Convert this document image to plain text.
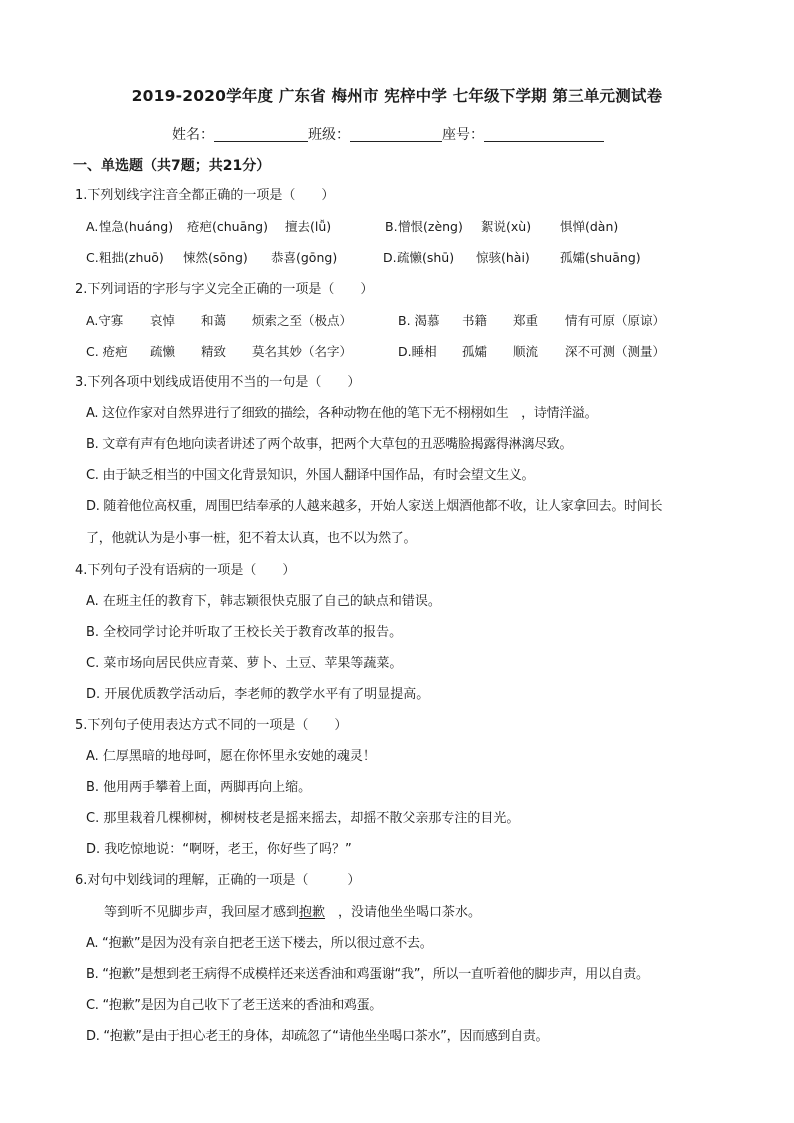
2019-2020学年度 广东省 梅州市 宪梓中学 七年级下学期 第三单元测试卷
姓名：	班级：	座号：
一、单选题（共7题；共21分）
1.下列划线字注音全都正确的一项是（　　）
A. 惶急(huáng) 疮疤(chuāng) 擅去(lǚ)	B. 憎恨(zèng) 絮说(xù) 惧惮(dàn)
C. 粗拙(zhuō) 悚然(sōng) 恭喜(gōng)	D. 疏懒(shū) 惊骇(hài) 孤孀(shuāng)
2.下列词语的字形与字义完全正确的一项是（　　）
A.守寡 哀悼 和蔼 烦索之至（极点）	B. 渴慕 书籍 郑重 情有可原（原谅）
C. 疮疤 疏懒 精致 莫名其妙（名字）	D.睡相 孤孀 顺流 深不可测（测量）
3.下列各项中划线成语使用不当的一句是（　　）
A. 这位作家对自然界进行了细致的描绘，各种动物在他的笔下无不栩栩如生　，诗情洋溢。
B. 文章有声有色地向读者讲述了两个故事，把两个大草包的丑恶嘴脸揭露得淋漓尽致。
C. 由于缺乏相当的中国文化背景知识，外国人翻译中国作品，有时会望文生义。
D. 随着他位高权重，周围巴结奉承的人越来越多，开始人家送上烟酒他都不收，让人家拿回去。时间长
了，他就认为是小事一桩，犯不着太认真，也不以为然了。
4.下列句子没有语病的一项是（　　）
A. 在班主任的教育下，韩志颖很快克服了自己的缺点和错误。
B. 全校同学讨论并听取了王校长关于教育改革的报告。
C. 菜市场向居民供应青菜、萝卜、土豆、苹果等蔬菜。
D. 开展优质教学活动后，李老师的教学水平有了明显提高。
5.下列句子使用表达方式不同的一项是（　　）
A. 仁厚黑暗的地母呵，愿在你怀里永安她的魂灵！
B. 他用两手攀着上面，两脚再向上缩。
C. 那里栽着几棵柳树，柳树枝老是摇来摇去，却摇不散父亲那专注的目光。
D. 我吃惊地说：“啊呀，老王，你好些了吗？”
6.对句中划线词的理解，正确的一项是（　　　）
等到听不见脚步声，我回屋才感到抱歉　，没请他坐坐喝口茶水。
A. “抱歉”是因为没有亲自把老王送下楼去，所以很过意不去。
B. “抱歉”是想到老王病得不成模样还来送香油和鸡蛋谢“我”，所以一直听着他的脚步声，用以自责。
C. “抱歉”是因为自己收下了老王送来的香油和鸡蛋。
D. “抱歉”是由于担心老王的身体，却疏忽了“请他坐坐喝口茶水”，因而感到自责。
